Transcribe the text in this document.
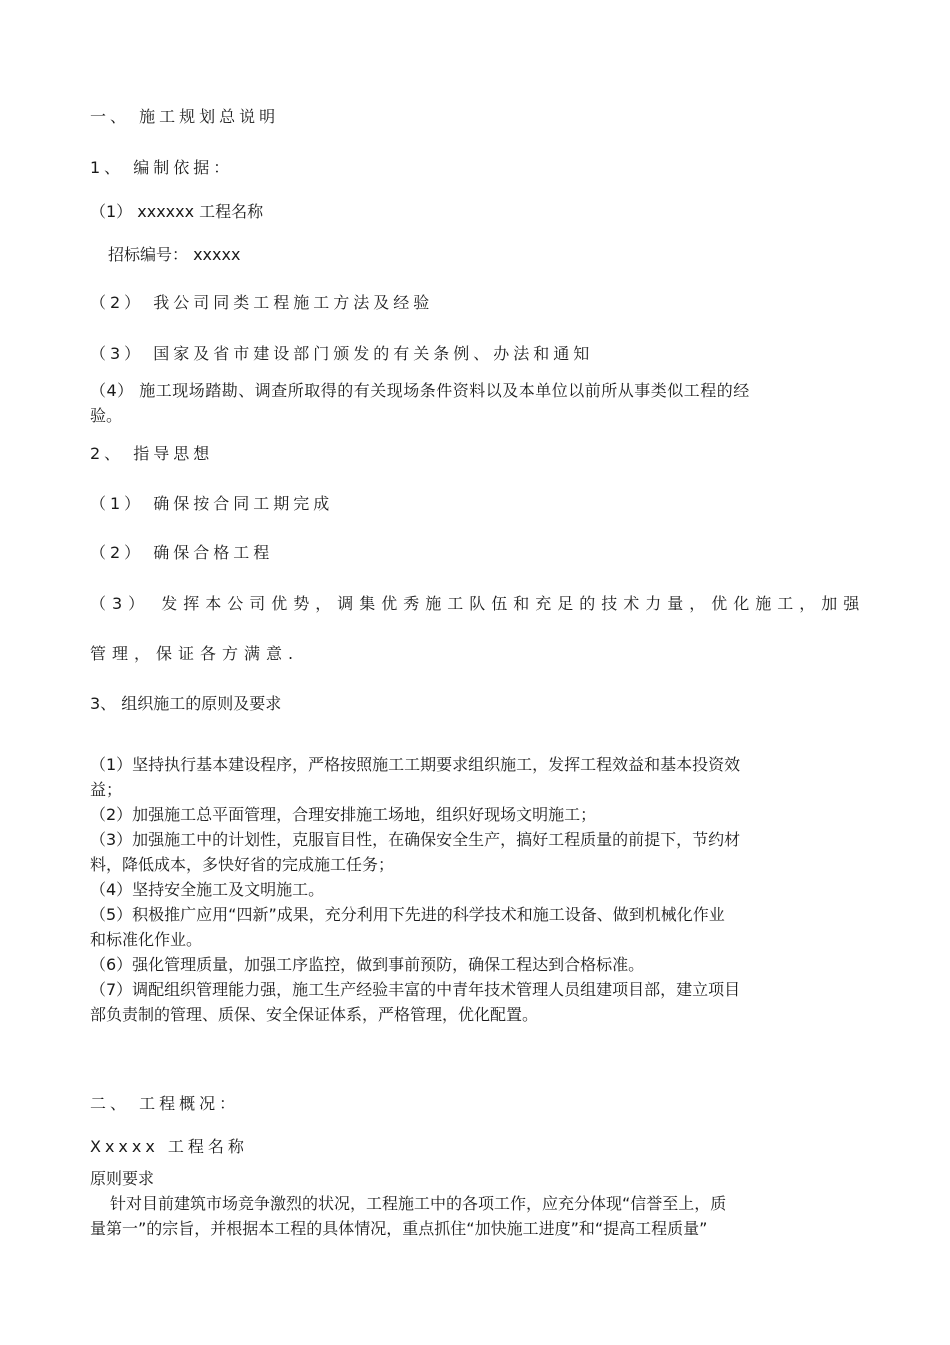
一、 施工规划总说明
1、 编制依据：
（1） xxxxxx 工程名称
招标编号： xxxxx
（2） 我公司同类工程施工方法及经验
（3） 国家及省市建设部门颁发的有关条例、办法和通知
（4） 施工现场踏勘、调查所取得的有关现场条件资料以及本单位以前所从事类似工程的经
验。
2、 指导思想
（1） 确保按合同工期完成
（2） 确保合格工程
（3） 发挥本公司优势，调集优秀施工队伍和充足的技术力量，优化施工，加强
管理，保证各方满意.
3、 组织施工的原则及要求
（1）坚持执行基本建设程序，严格按照施工工期要求组织施工，发挥工程效益和基本投资效
益；
（2）加强施工总平面管理，合理安排施工场地，组织好现场文明施工；
（3）加强施工中的计划性，克服盲目性，在确保安全生产，搞好工程质量的前提下，节约材
料，降低成本，多快好省的完成施工任务；
（4）坚持安全施工及文明施工。
（5）积极推广应用“四新”成果，充分利用下先进的科学技术和施工设备、做到机械化作业
和标准化作业。
（6）强化管理质量，加强工序监控，做到事前预防，确保工程达到合格标准。
（7）调配组织管理能力强，施工生产经验丰富的中青年技术管理人员组建项目部，建立项目
部负责制的管理、质保、安全保证体系，严格管理，优化配置。
二、 工程概况：
Xxxxx 工程名称
原则要求
针对目前建筑市场竞争激烈的状况，工程施工中的各项工作，应充分体现“信誉至上，质
量第一”的宗旨，并根据本工程的具体情况，重点抓住“加快施工进度”和“提高工程质量”
